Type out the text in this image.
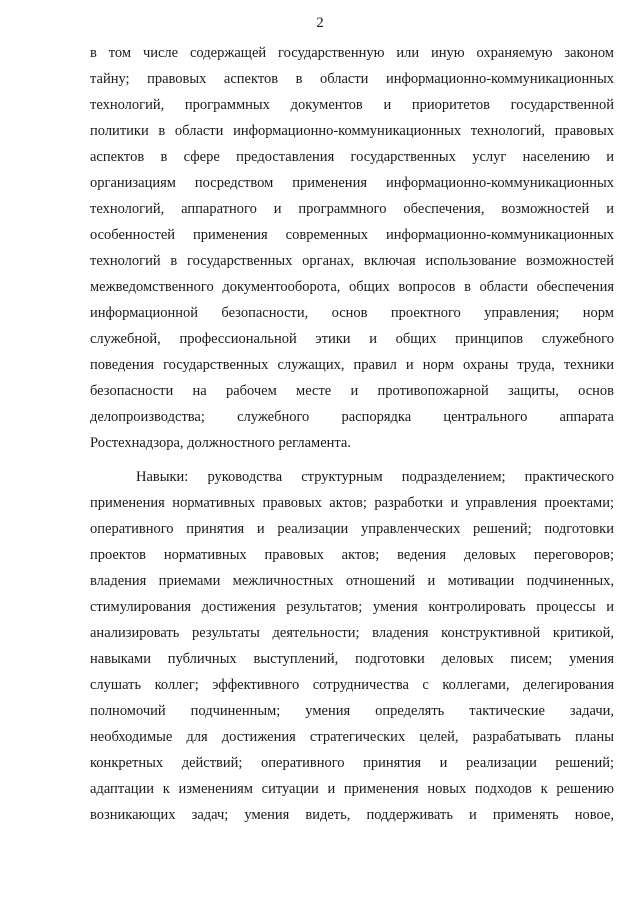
2
в том числе содержащей государственную или иную охраняемую законом
тайну; правовых аспектов в области информационно-коммуникационных
технологий, программных документов и приоритетов государственной
политики в области информационно-коммуникационных технологий, правовых
аспектов в сфере предоставления государственных услуг населению и
организациям посредством применения информационно-коммуникационных
технологий, аппаратного и программного обеспечения, возможностей и
особенностей применения современных информационно-коммуникационных
технологий в государственных органах, включая использование возможностей
межведомственного документооборота, общих вопросов в области обеспечения
информационной безопасности, основ проектного управления; норм
служебной, профессиональной этики и общих принципов служебного
поведения государственных служащих, правил и норм охраны труда, техники
безопасности на рабочем месте и противопожарной защиты, основ
делопроизводства; служебного распорядка центрального аппарата
Ростехнадзора, должностного регламента.
Навыки: руководства структурным подразделением; практического
применения нормативных правовых актов; разработки и управления проектами;
оперативного принятия и реализации управленческих решений; подготовки
проектов нормативных правовых актов; ведения деловых переговоров;
владения приемами межличностных отношений и мотивации подчиненных,
стимулирования достижения результатов; умения контролировать процессы и
анализировать результаты деятельности; владения конструктивной критикой,
навыками публичных выступлений, подготовки деловых писем; умения
слушать коллег; эффективного сотрудничества с коллегами, делегирования
полномочий подчиненным; умения определять тактические задачи,
необходимые для достижения стратегических целей, разрабатывать планы
конкретных действий; оперативного принятия и реализации решений;
адаптации к изменениям ситуации и применения новых подходов к решению
возникающих задач; умения видеть, поддерживать и применять новое,
